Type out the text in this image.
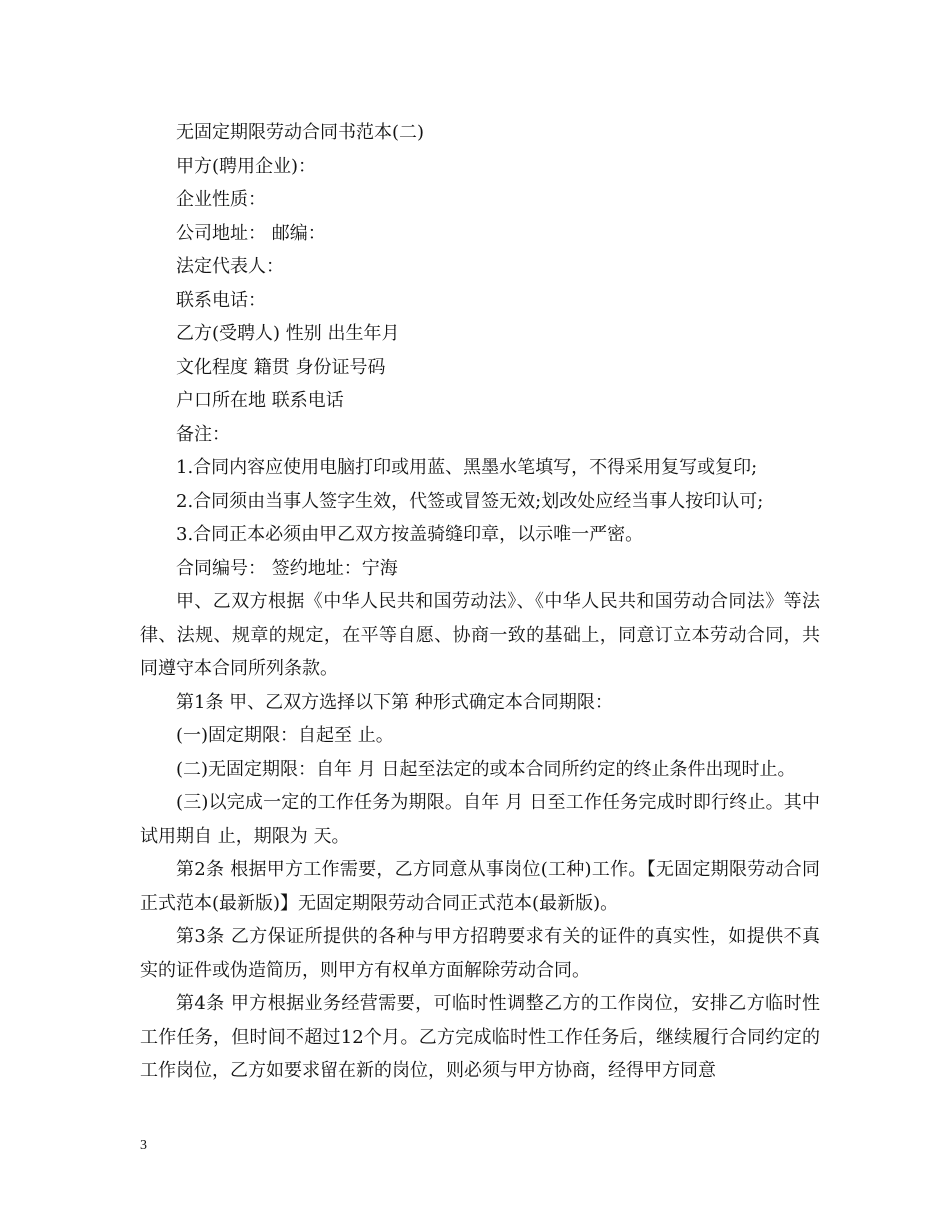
无固定期限劳动合同书范本(二)
甲方(聘用企业)：
企业性质：
公司地址： 邮编：
法定代表人：
联系电话：
乙方(受聘人) 性别 出生年月
文化程度 籍贯 身份证号码
户口所在地 联系电话
备注：
1.合同内容应使用电脑打印或用蓝、黑墨水笔填写，不得采用复写或复印;
2.合同须由当事人签字生效，代签或冒签无效;划改处应经当事人按印认可;
3.合同正本必须由甲乙双方按盖骑缝印章，以示唯一严密。
合同编号： 签约地址：宁海

甲、乙双方根据《中华人民共和国劳动法》、《中华人民共和国劳动合同法》等法律、法规、规章的规定，在平等自愿、协商一致的基础上，同意订立本劳动合同，共同遵守本合同所列条款。

第1条 甲、乙双方选择以下第 种形式确定本合同期限：

(一)固定期限：自起至 止。

(二)无固定期限：自年 月 日起至法定的或本合同所约定的终止条件出现时止。

(三)以完成一定的工作任务为期限。自年 月 日至工作任务完成时即行终止。其中试用期自 止，期限为 天。

第2条 根据甲方工作需要，乙方同意从事岗位(工种)工作。【无固定期限劳动合同正式范本(最新版)】无固定期限劳动合同正式范本(最新版)。

第3条 乙方保证所提供的各种与甲方招聘要求有关的证件的真实性，如提供不真实的证件或伪造简历，则甲方有权单方面解除劳动合同。

第4条 甲方根据业务经营需要，可临时性调整乙方的工作岗位，安排乙方临时性工作任务，但时间不超过12个月。乙方完成临时性工作任务后，继续履行合同约定的工作岗位，乙方如要求留在新的岗位，则必须与甲方协商，经得甲方同意

3
